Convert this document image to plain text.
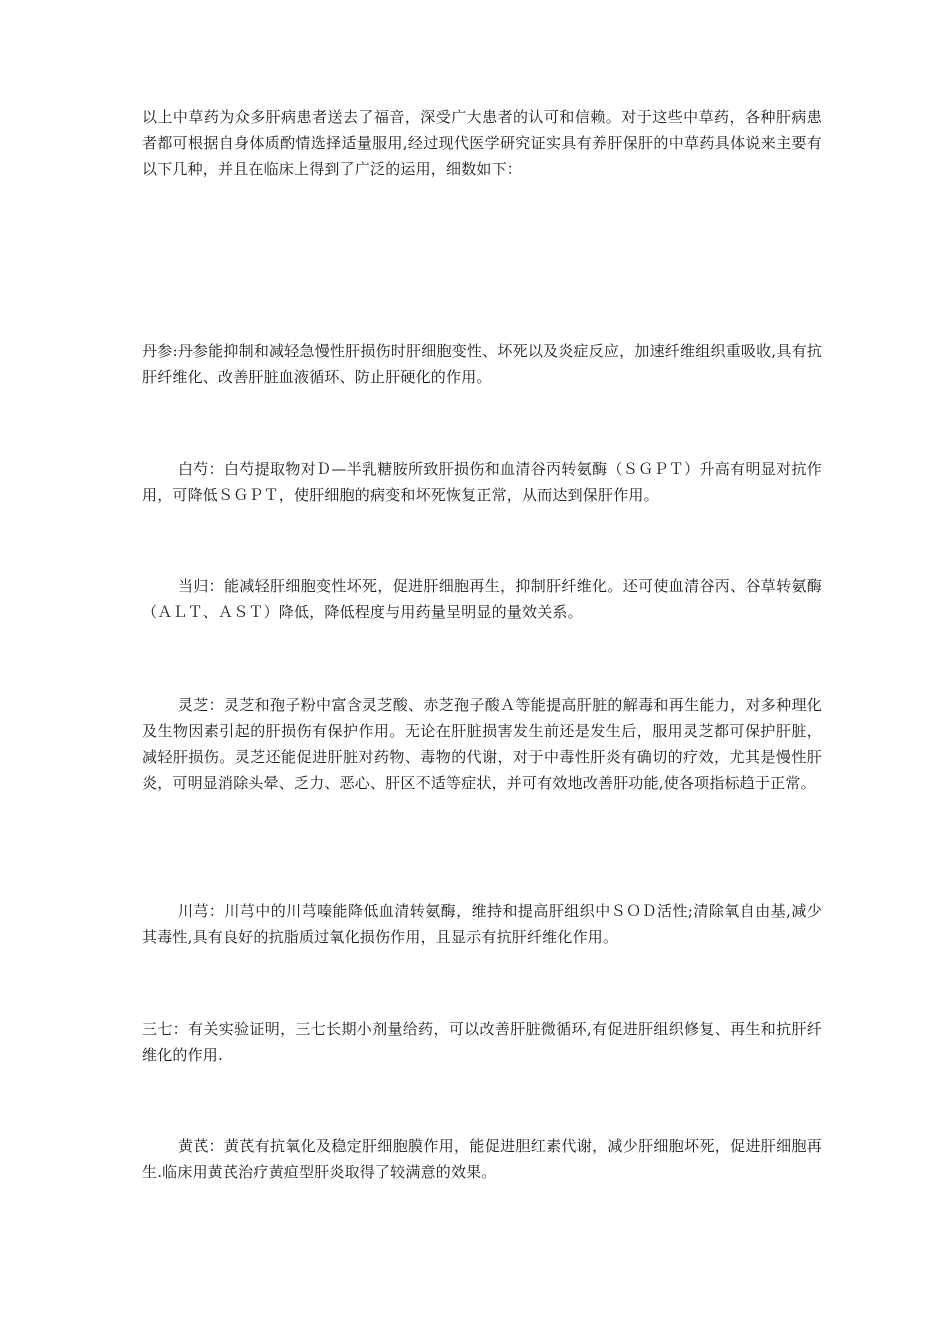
以上中草药为众多肝病患者送去了福音，深受广大患者的认可和信赖。对于这些中草药，各种肝病患者都可根据自身体质酌情选择适量服用,经过现代医学研究证实具有养肝保肝的中草药具体说来主要有以下几种，并且在临床上得到了广泛的运用，细数如下：

丹参:丹参能抑制和减轻急慢性肝损伤时肝细胞变性、坏死以及炎症反应，加速纤维组织重吸收,具有抗肝纤维化、改善肝脏血液循环、防止肝硬化的作用。

白芍：白芍提取物对Ｄ—半乳糖胺所致肝损伤和血清谷丙转氨酶（ＳＧＰＴ）升高有明显对抗作用，可降低ＳＧＰＴ，使肝细胞的病变和坏死恢复正常，从而达到保肝作用。

当归：能减轻肝细胞变性坏死，促进肝细胞再生，抑制肝纤维化。还可使血清谷丙、谷草转氨酶（ＡＬＴ、ＡＳＴ）降低，降低程度与用药量呈明显的量效关系。

灵芝：灵芝和孢子粉中富含灵芝酸、赤芝孢子酸Ａ等能提高肝脏的解毒和再生能力，对多种理化及生物因素引起的肝损伤有保护作用。无论在肝脏损害发生前还是发生后，服用灵芝都可保护肝脏，减轻肝损伤。灵芝还能促进肝脏对药物、毒物的代谢，对于中毒性肝炎有确切的疗效，尤其是慢性肝炎，可明显消除头晕、乏力、恶心、肝区不适等症状，并可有效地改善肝功能,使各项指标趋于正常。

川芎：川芎中的川芎嗪能降低血清转氨酶，维持和提高肝组织中ＳＯＤ活性;清除氧自由基,减少其毒性,具有良好的抗脂质过氧化损伤作用，且显示有抗肝纤维化作用。

三七：有关实验证明，三七长期小剂量给药，可以改善肝脏微循环,有促进肝组织修复、再生和抗肝纤维化的作用.

黄芪：黄芪有抗氧化及稳定肝细胞膜作用，能促进胆红素代谢，减少肝细胞坏死，促进肝细胞再生.临床用黄芪治疗黄疸型肝炎取得了较满意的效果。
